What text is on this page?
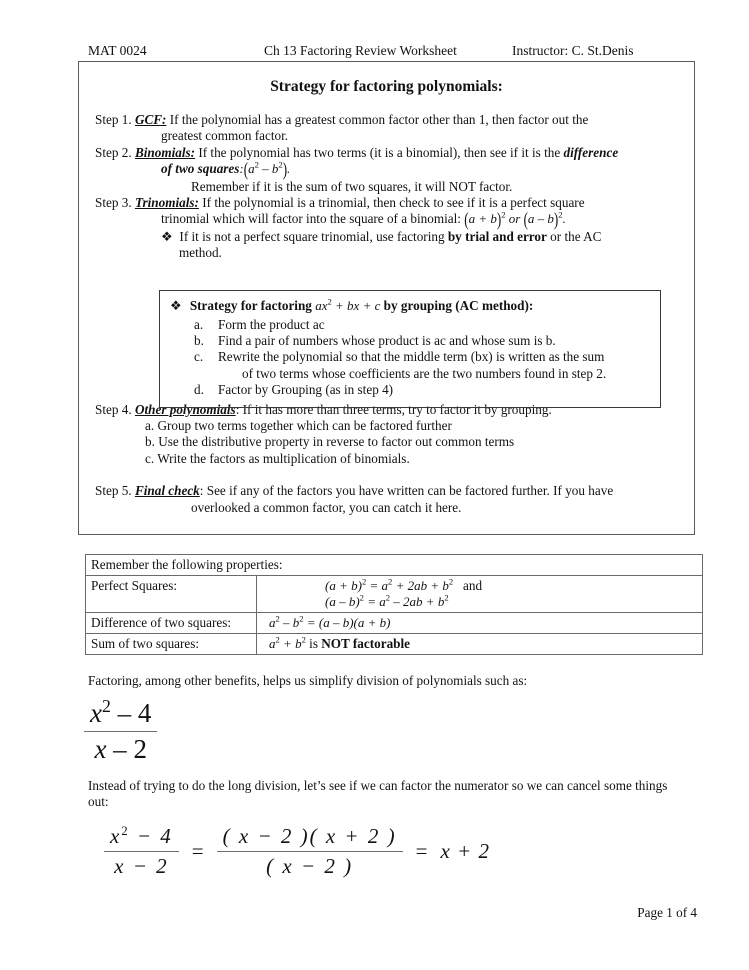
MAT 0024	Ch 13 Factoring Review Worksheet	Instructor: C. St.Denis
Strategy for factoring polynomials:
Step 1. GCF: If the polynomial has a greatest common factor other than 1, then factor out the
greatest common factor.
Step 2. Binomials: If the polynomial has two terms (it is a binomial), then see if it is the difference
of two $squares:(a^2 - b^2)$.
Remember if it is the sum of two squares, it will NOT factor.
Step 3. Trinomials: If the polynomial is a trinomial, then check to see if it is a perfect square
trinomial which will factor into the square of a binomial: $(a + b)^2$ or (a – b)$^2$.
❖ If it is not a perfect square trinomial, use factoring by trial and error or the AC
method.
Step 4. Other polynomials: If it has more than three terms, try to factor it by grouping.
a. Group two terms together which can be factored further
b. Use the distributive property in reverse to factor out common terms
c. Write the factors as multiplication of binomials.
Step 5. Final check: See if any of the factors you have written can be factored further. If you have
overlooked a common factor, you can catch it here.
❖ Strategy for factoring $ax^2$ + bx + c by grouping (AC method):
a. Form the product ac
b. Find a pair of numbers whose product is ac and whose sum is b.
c. Rewrite the polynomial so that the middle term (bx) is written as the sum
of two terms whose coefficients are the two numbers found in step 2.
d. Factor by Grouping (as in step 4)
Remember the following properties:	
Perfect Squares:	$(a + b)^2 = a^2 + 2ab + b^2$ and
$(a - b)^2 = a^2 - 2ab + b^2$
Difference of two squares:	$a^2 - b^2 = (a - b)(a + b)$
Sum of two squares:	$a^2 + b^2$ is NOT factorable
Factoring, among other benefits, helps us simplify division of polynomials such as:
$\frac{x^2 - 4}{x - 2}$
Instead of trying to do the long division, let’s see if we can factor the numerator so we can cancel some things out:
$\frac{x^2 - 4}{x - 2} = \frac{( x - 2 )( x + 2 )}{( x - 2 )} = x + 2$
Page 1 of 4
